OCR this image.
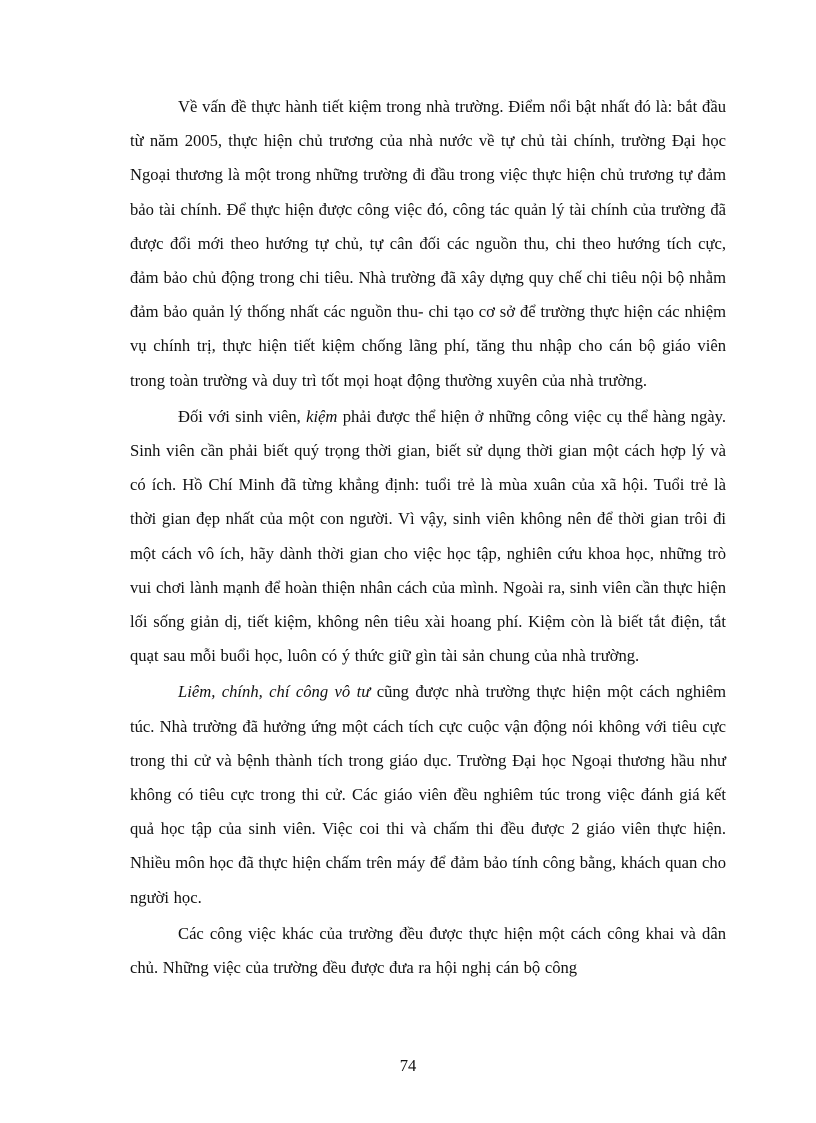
Về vấn đề thực hành tiết kiệm trong nhà trường. Điểm nổi bật nhất đó là: bắt đầu từ năm 2005, thực hiện chủ trương của nhà nước về tự chủ tài chính, trường Đại học Ngoại thương là một trong những trường đi đầu trong việc thực hiện chủ trương tự đảm bảo tài chính. Để thực hiện được công việc đó, công tác quản lý tài chính của trường đã được đổi mới theo hướng tự chủ, tự cân đối các nguồn thu, chi theo hướng tích cực, đảm bảo chủ động trong chi tiêu. Nhà trường đã xây dựng quy chế chi tiêu nội bộ nhằm đảm bảo quản lý thống nhất các nguồn thu- chi tạo cơ sở để trường thực hiện các nhiệm vụ chính trị, thực hiện tiết kiệm chống lãng phí, tăng thu nhập cho cán bộ giáo viên trong toàn trường và duy trì tốt mọi hoạt động thường xuyên của nhà trường.

Đối với sinh viên, kiệm phải được thể hiện ở những công việc cụ thể hàng ngày. Sinh viên cần phải biết quý trọng thời gian, biết sử dụng thời gian một cách hợp lý và có ích. Hồ Chí Minh đã từng khẳng định: tuổi trẻ là mùa xuân của xã hội. Tuổi trẻ là thời gian đẹp nhất của một con người. Vì vậy, sinh viên không nên để thời gian trôi đi một cách vô ích, hãy dành thời gian cho việc học tập, nghiên cứu khoa học, những trò vui chơi lành mạnh để hoàn thiện nhân cách của mình. Ngoài ra, sinh viên cần thực hiện lối sống giản dị, tiết kiệm, không nên tiêu xài hoang phí. Kiệm còn là biết tắt điện, tắt quạt sau mỗi buổi học, luôn có ý thức giữ gìn tài sản chung của nhà trường.

Liêm, chính, chí công vô tư cũng được nhà trường thực hiện một cách nghiêm túc. Nhà trường đã hưởng ứng một cách tích cực cuộc vận động nói không với tiêu cực trong thi cử và bệnh thành tích trong giáo dục. Trường Đại học Ngoại thương hầu như không có tiêu cực trong thi cử. Các giáo viên đều nghiêm túc trong việc đánh giá kết quả học tập của sinh viên. Việc coi thi và chấm thi đều được 2 giáo viên thực hiện. Nhiều môn học đã thực hiện chấm trên máy để đảm bảo tính công bằng, khách quan cho người học.

Các công việc khác của trường đều được thực hiện một cách công khai và dân chủ. Những việc của trường đều được đưa ra hội nghị cán bộ công

74
